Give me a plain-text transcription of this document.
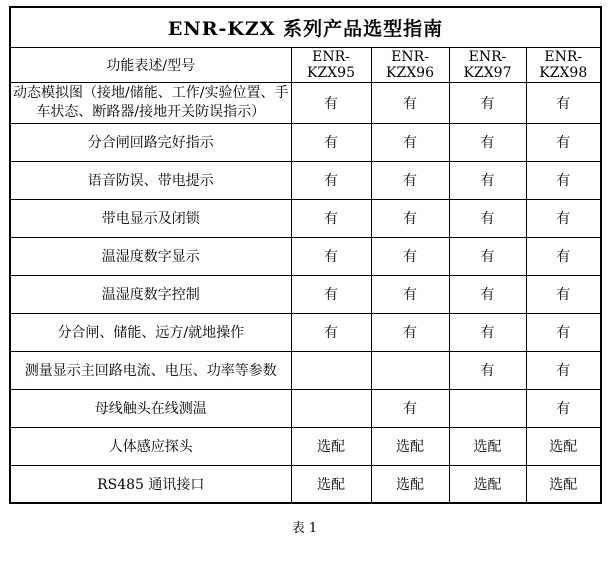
ENR-KZX 系列产品选型指南				
功能表述/型号	ENR-KZX95	ENR-KZX96	ENR-KZX97	ENR-KZX98
动态模拟图（接地/储能、工作/实验位置、手车状态、断路器/接地开关防误指示）	有	有	有	有
分合闸回路完好指示	有	有	有	有
语音防误、带电提示	有	有	有	有
带电显示及闭锁	有	有	有	有
温湿度数字显示	有	有	有	有
温湿度数字控制	有	有	有	有
分合闸、储能、远方/就地操作	有	有	有	有
测量显示主回路电流、电压、功率等参数			有	有
母线触头在线测温		有		有
人体感应探头	选配	选配	选配	选配
RS485 通讯接口	选配	选配	选配	选配
表 1
